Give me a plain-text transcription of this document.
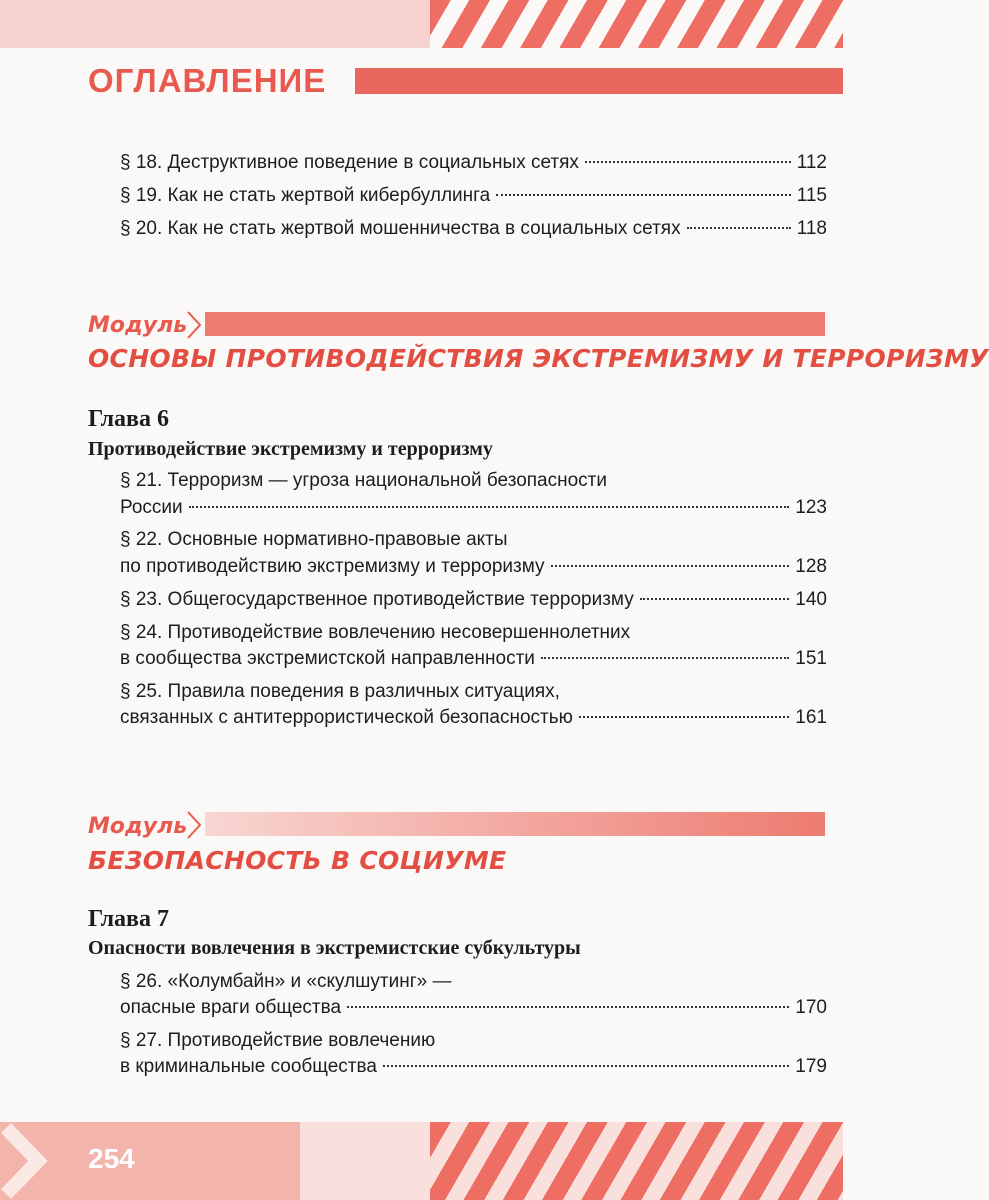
ОГЛАВЛЕНИЕ
§ 18. Деструктивное поведение в социальных сетях	112
§ 19. Как не стать жертвой кибербуллинга	115
§ 20. Как не стать жертвой мошенничества в социальных сетях	118
Модуль
ОСНОВЫ ПРОТИВОДЕЙСТВИЯ ЭКСТРЕМИЗМУ И ТЕРРОРИЗМУ
Глава 6
Противодействие экстремизму и терроризму
§ 21. Терроризм — угроза национальной безопасности
России	123
§ 22. Основные нормативно-правовые акты
по противодействию экстремизму и терроризму	128
§ 23. Общегосударственное противодействие терроризму	140
§ 24. Противодействие вовлечению несовершеннолетних
в сообщества экстремистской направленности	151
§ 25. Правила поведения в различных ситуациях,
связанных с антитеррористической безопасностью	161
Модуль
БЕЗОПАСНОСТЬ В СОЦИУМЕ
Глава 7
Опасности вовлечения в экстремистские субкультуры
§ 26. «Колумбайн» и «скулшутинг» —
опасные враги общества	170
§ 27. Противодействие вовлечению
в криминальные сообщества	179
254
